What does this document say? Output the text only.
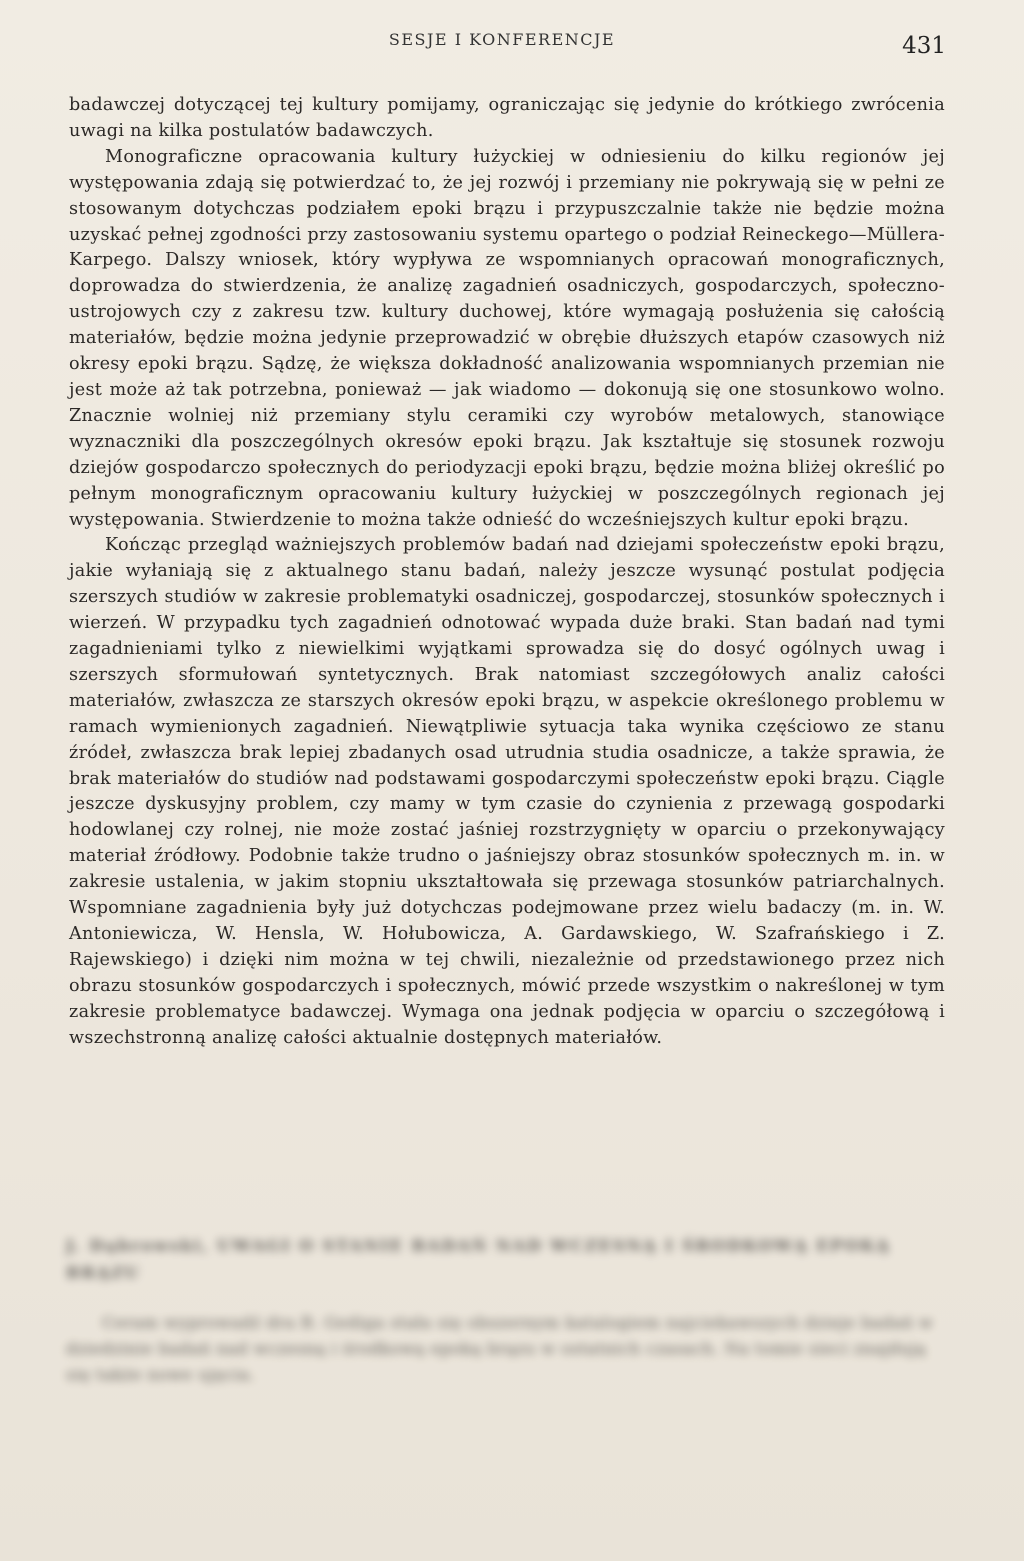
SESJE I KONFERENCJE	431

badawczej dotyczącej tej kultury pomijamy, ograniczając się jedynie do krótkiego zwrócenia uwagi na kilka postulatów badawczych.

Monograficzne opracowania kultury łużyckiej w odniesieniu do kilku regionów jej występowania zdają się potwierdzać to, że jej rozwój i przemiany nie pokrywają się w pełni ze stosowanym dotychczas podziałem epoki brązu i przypuszczalnie także nie będzie można uzyskać pełnej zgodności przy zastosowaniu systemu opartego o podział Reineckego—Müllera-Karpego. Dalszy wniosek, który wypływa ze wspomnianych opracowań monograficznych, doprowadza do stwierdzenia, że analizę zagadnień osadniczych, gospodarczych, społeczno-ustrojowych czy z zakresu tzw. kultury duchowej, które wymagają posłużenia się całością materiałów, będzie można jedynie przeprowadzić w obrębie dłuższych etapów czasowych niż okresy epoki brązu. Sądzę, że większa dokładność analizowania wspomnianych przemian nie jest może aż tak potrzebna, ponieważ — jak wiadomo — dokonują się one stosunkowo wolno. Znacznie wolniej niż przemiany stylu ceramiki czy wyrobów metalowych, stanowiące wyznaczniki dla poszczególnych okresów epoki brązu. Jak kształtuje się stosunek rozwoju dziejów gospodarczo społecznych do periodyzacji epoki brązu, będzie można bliżej określić po pełnym monograficznym opracowaniu kultury łużyckiej w poszczególnych regionach jej występowania. Stwierdzenie to można także odnieść do wcześniejszych kultur epoki brązu.

Kończąc przegląd ważniejszych problemów badań nad dziejami społeczeństw epoki brązu, jakie wyłaniają się z aktualnego stanu badań, należy jeszcze wysunąć postulat podjęcia szerszych studiów w zakresie problematyki osadniczej, gospodarczej, stosunków społecznych i wierzeń. W przypadku tych zagadnień odnotować wypada duże braki. Stan badań nad tymi zagadnieniami tylko z niewielkimi wyjątkami sprowadza się do dosyć ogólnych uwag i szerszych sformułowań syntetycznych. Brak natomiast szczegółowych analiz całości materiałów, zwłaszcza ze starszych okresów epoki brązu, w aspekcie określonego problemu w ramach wymienionych zagadnień. Niewątpliwie sytuacja taka wynika częściowo ze stanu źródeł, zwłaszcza brak lepiej zbadanych osad utrudnia studia osadnicze, a także sprawia, że brak materiałów do studiów nad podstawami gospodarczymi społeczeństw epoki brązu. Ciągle jeszcze dyskusyjny problem, czy mamy w tym czasie do czynienia z przewagą gospodarki hodowlanej czy rolnej, nie może zostać jaśniej rozstrzygnięty w oparciu o przekonywający materiał źródłowy. Podobnie także trudno o jaśniejszy obraz stosunków społecznych m. in. w zakresie ustalenia, w jakim stopniu ukształtowała się przewaga stosunków patriarchalnych. Wspomniane zagadnienia były już dotychczas podejmowane przez wielu badaczy (m. in. W. Antoniewicza, W. Hensla, W. Hołubowicza, A. Gardawskiego, W. Szafrańskiego i Z. Rajewskiego) i dzięki nim można w tej chwili, niezależnie od przedstawionego przez nich obrazu stosunków gospodarczych i społecznych, mówić przede wszystkim o nakreślonej w tym zakresie problematyce badawczej. Wymaga ona jednak podjęcia w oparciu o szczegółową i wszechstronną analizę całości aktualnie dostępnych materiałów.

J. Dąbrowski, UWAGI O STANIE BADAŃ NAD WCZESNĄ I ŚRODKOWĄ EPOKĄ BRĄZU

Ceram wyprowadź dra B. Gediga stała się obszernym katalogiem najciekawszych dzieje badań w dziedzinie badań nad wczesną i środkową epoką brązu w ostatnich czasach. Na tomie sieci znajdują się także nowe ujęcia.
